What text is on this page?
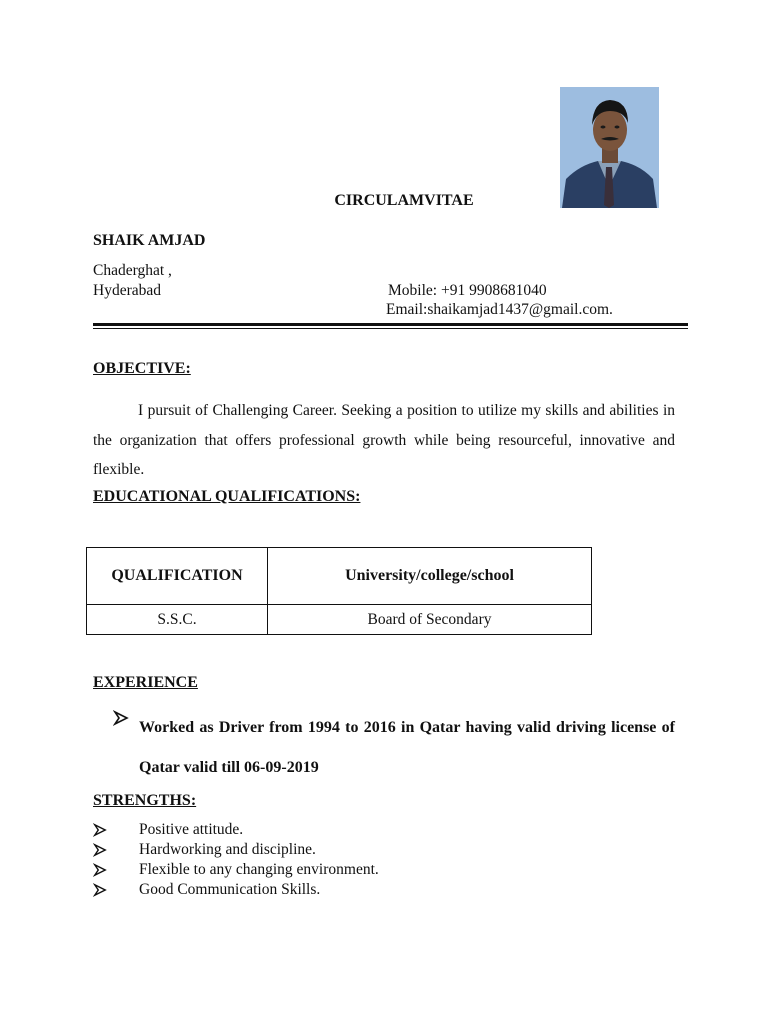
CIRCULAMVITAE
SHAIK AMJAD
Chaderghat ,
Hyderabad	Mobile: +91 9908681040
Email:shaikamjad1437@gmail.com.
OBJECTIVE:

I pursuit of Challenging Career. Seeking a position to utilize my skills and abilities in the organization that offers professional growth while being resourceful, innovative and flexible.

EDUCATIONAL QUALIFICATIONS:
QUALIFICATION	University/college/school
S.S.C.	Board of Secondary
EXPERIENCE

Worked as Driver from 1994 to 2016 in Qatar having valid driving license of Qatar valid till 06-09-2019

STRENGTHS:
Positive attitude.
Hardworking and discipline.
Flexible to any changing environment.
Good Communication Skills.
